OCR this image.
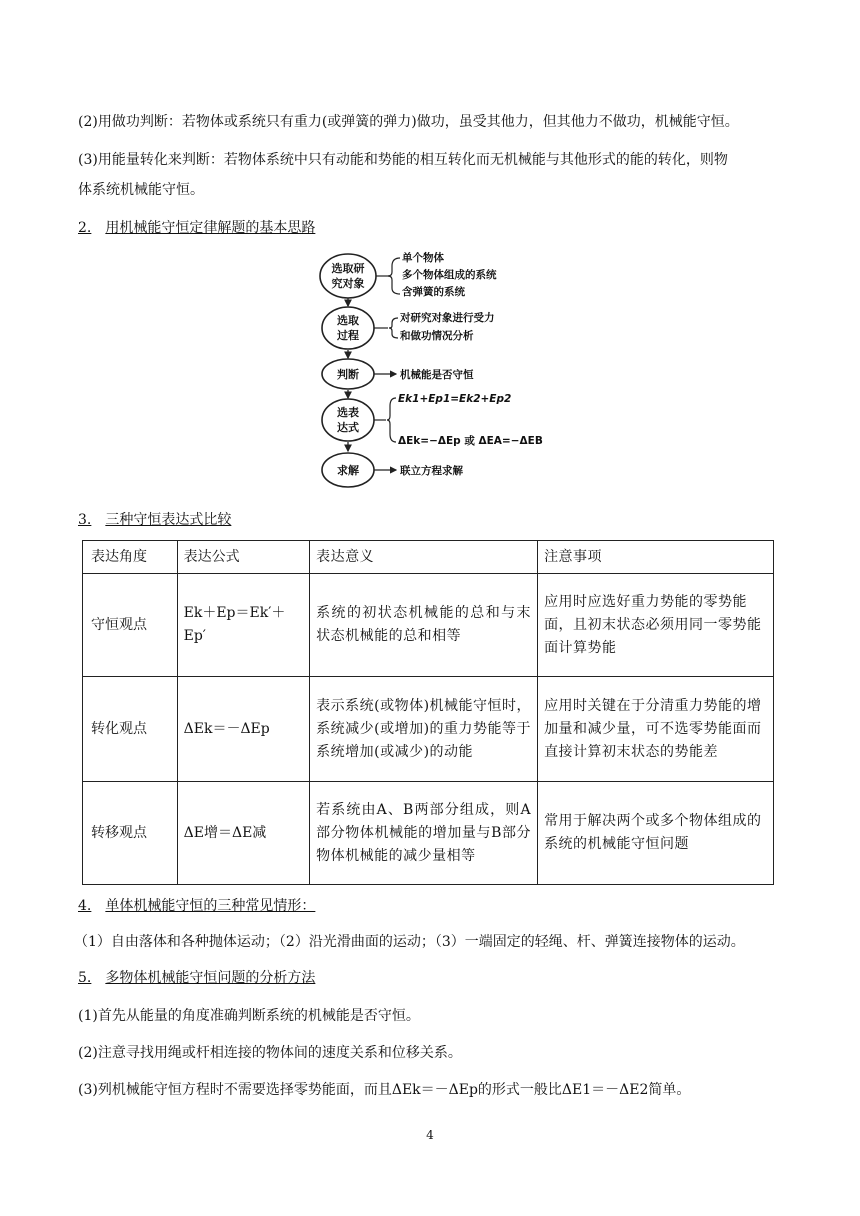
(2)用做功判断：若物体或系统只有重力(或弹簧的弹力)做功，虽受其他力，但其他力不做功，机械能守恒。
(3)用能量转化来判断：若物体系统中只有动能和势能的相互转化而无机械能与其他形式的能的转化，则物
体系统机械能守恒。
2. 用机械能守恒定律解题的基本思路
选取研
究对象
选取
过程
判断
选表
达式
求解
单个物体
多个物体组成的系统
含弹簧的系统
对研究对象进行受力
和做功情况分析
机械能是否守恒
Ek1+Ep1=Ek2+Ep2
ΔEk=−ΔEp 或 ΔEA=−ΔEB
联立方程求解
3. 三种守恒表达式比较
表达角度	表达公式	表达意义	注意事项
守恒观点	Ek＋Ep＝Ek′＋Ep′	系统的初状态机械能的总和与末状态机械能的总和相等	应用时应选好重力势能的零势能面，且初末状态必须用同一零势能面计算势能
转化观点	ΔEk＝－ΔEp	表示系统(或物体)机械能守恒时，系统减少(或增加)的重力势能等于系统增加(或减少)的动能	应用时关键在于分清重力势能的增加量和减少量，可不选零势能面而直接计算初末状态的势能差
转移观点	ΔE增＝ΔE减	若系统由A、B两部分组成，则A部分物体机械能的增加量与B部分物体机械能的减少量相等	常用于解决两个或多个物体组成的系统的机械能守恒问题
4. 单体机械能守恒的三种常见情形：
（1）自由落体和各种抛体运动；（2）沿光滑曲面的运动；（3）一端固定的轻绳、杆、弹簧连接物体的运动。
5. 多物体机械能守恒问题的分析方法
(1)首先从能量的角度准确判断系统的机械能是否守恒。
(2)注意寻找用绳或杆相连接的物体间的速度关系和位移关系。
(3)列机械能守恒方程时不需要选择零势能面，而且ΔEk＝－ΔEp的形式一般比ΔE1＝－ΔE2简单。
4
